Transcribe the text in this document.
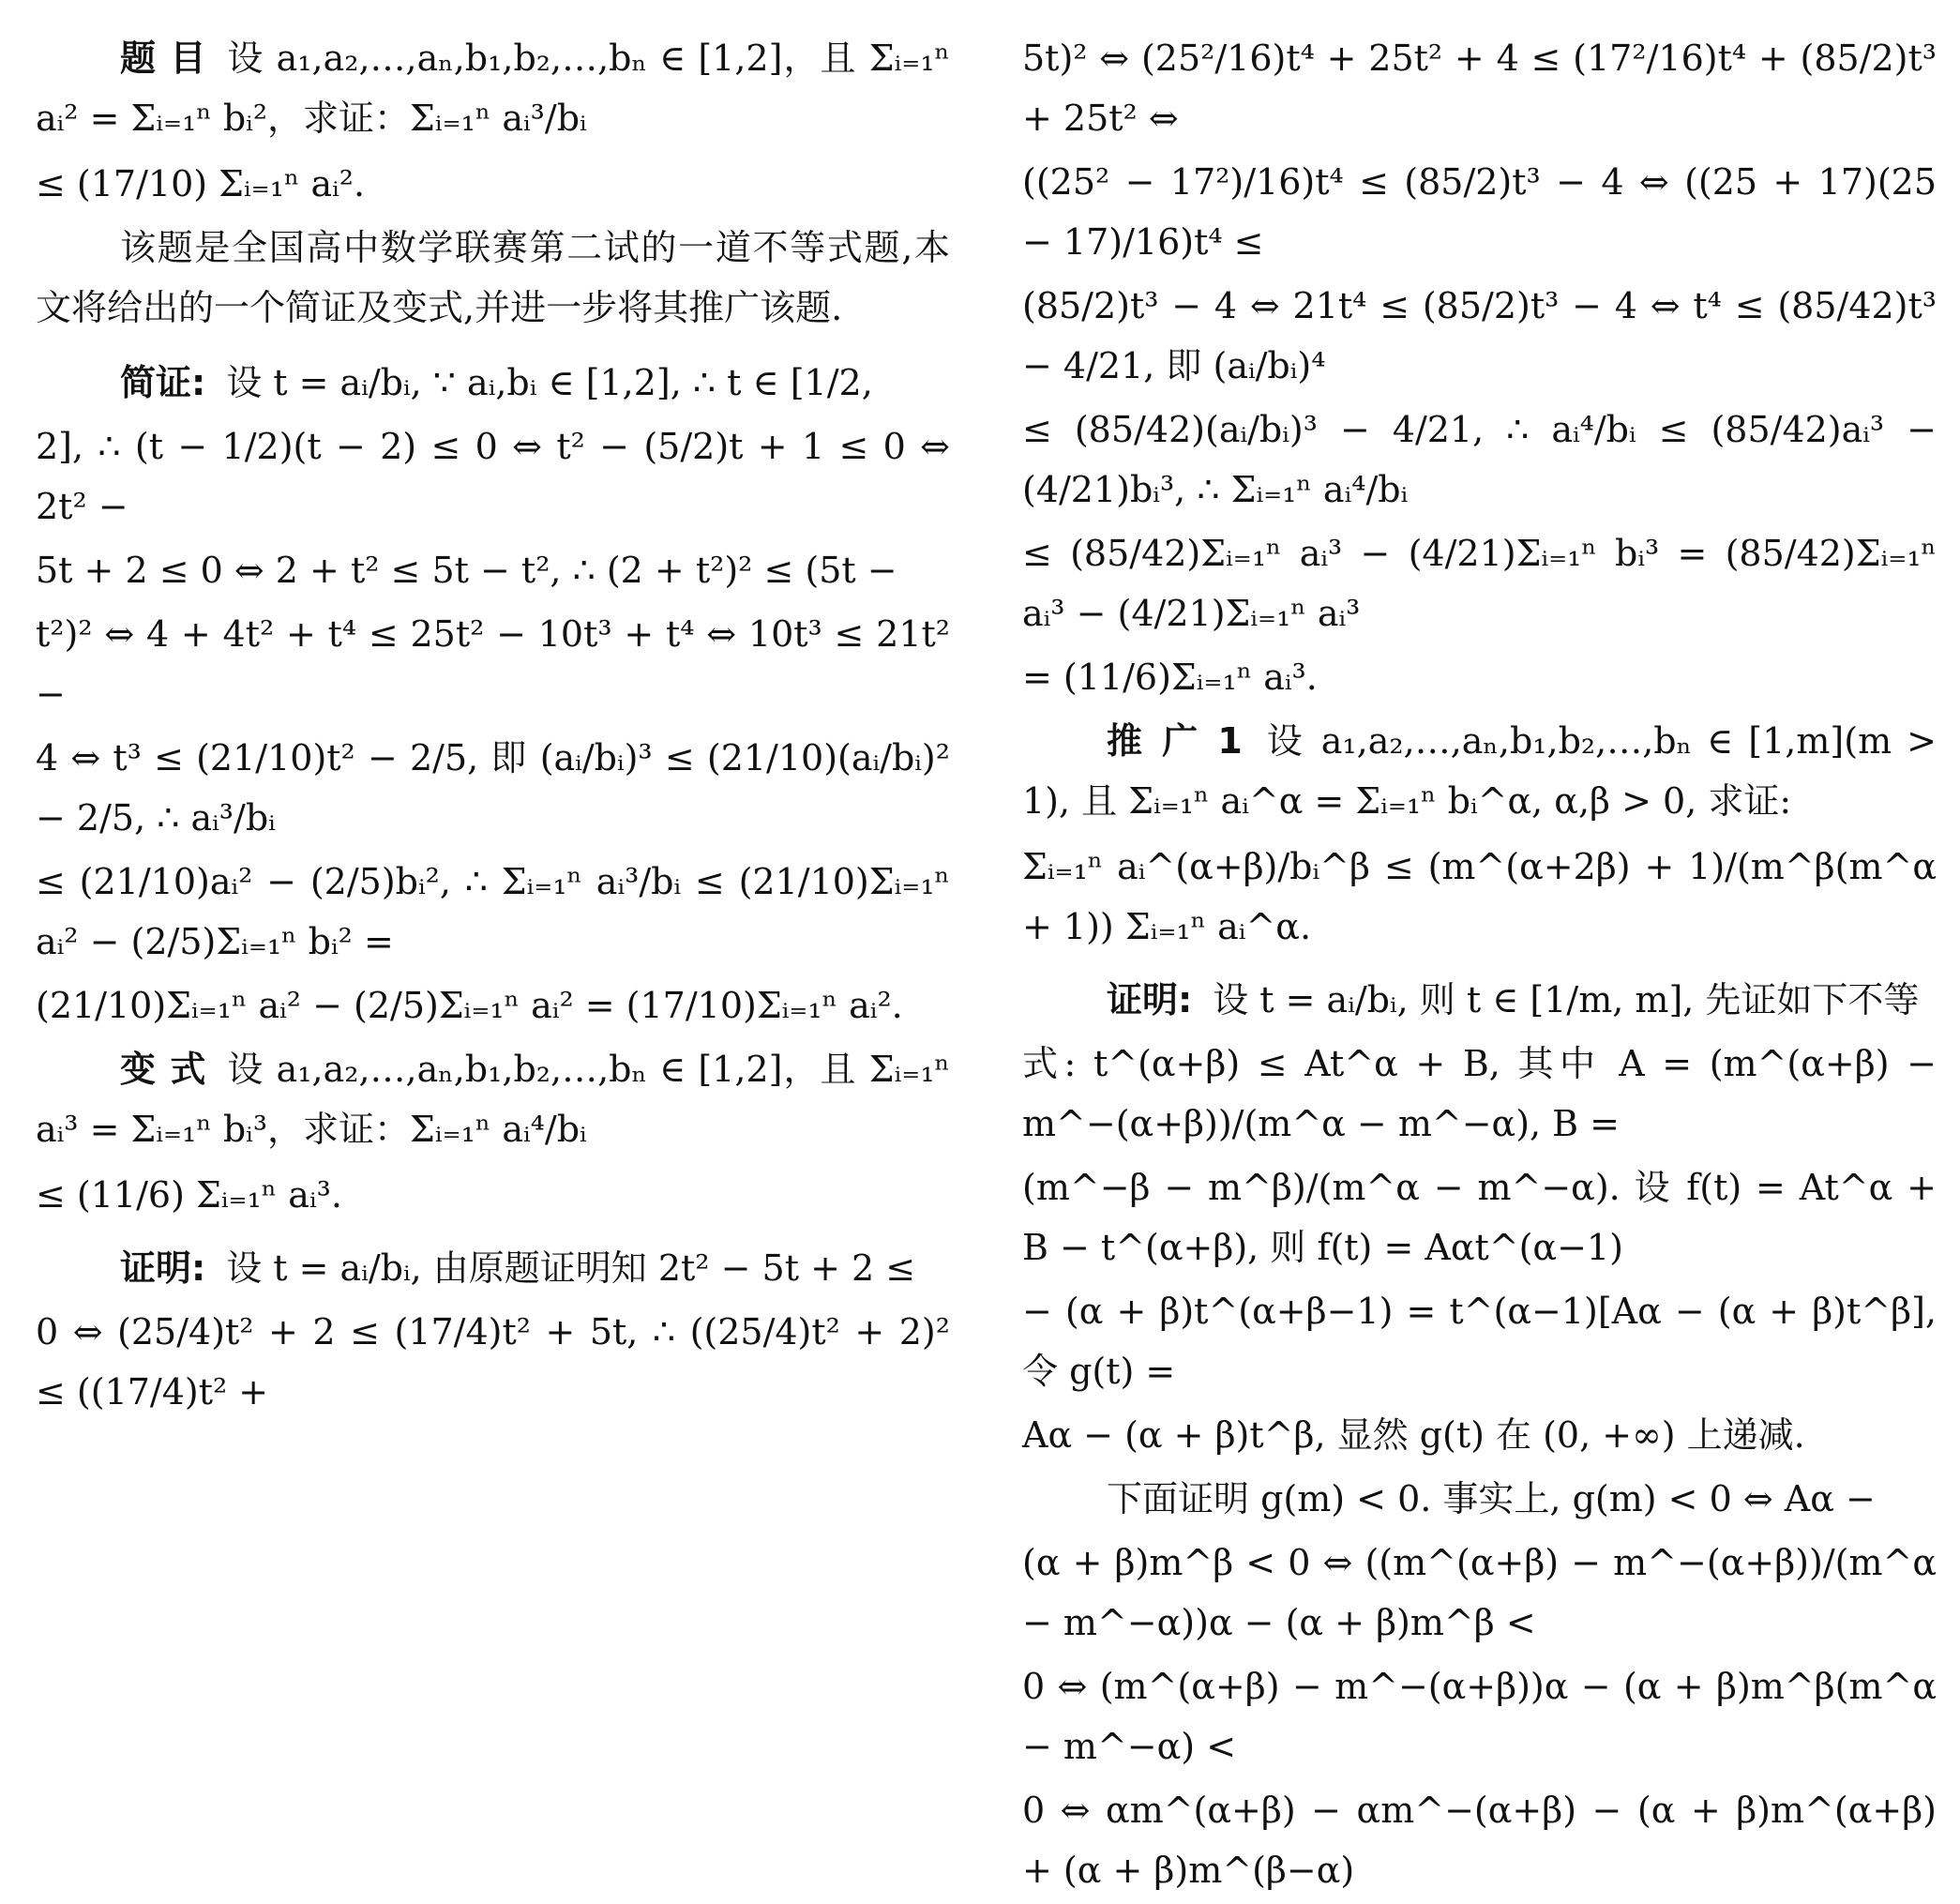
题 目 设 a₁,a₂,…,aₙ,b₁,b₂,…,bₙ ∈ [1,2]，且 Σᵢ₌₁ⁿ aᵢ² = Σᵢ₌₁ⁿ bᵢ²，求证：Σᵢ₌₁ⁿ aᵢ³/bᵢ

≤ (17/10) Σᵢ₌₁ⁿ aᵢ².

该题是全国高中数学联赛第二试的一道不等式题,本文将给出的一个简证及变式,并进一步将其推广该题.

简证: 设 t = aᵢ/bᵢ, ∵ aᵢ,bᵢ ∈ [1,2], ∴ t ∈ [1/2,

2], ∴ (t − 1/2)(t − 2) ≤ 0 ⇔ t² − (5/2)t + 1 ≤ 0 ⇔ 2t² −

5t + 2 ≤ 0 ⇔ 2 + t² ≤ 5t − t², ∴ (2 + t²)² ≤ (5t −

t²)² ⇔ 4 + 4t² + t⁴ ≤ 25t² − 10t³ + t⁴ ⇔ 10t³ ≤ 21t² −

4 ⇔ t³ ≤ (21/10)t² − 2/5, 即 (aᵢ/bᵢ)³ ≤ (21/10)(aᵢ/bᵢ)² − 2/5, ∴ aᵢ³/bᵢ

≤ (21/10)aᵢ² − (2/5)bᵢ², ∴ Σᵢ₌₁ⁿ aᵢ³/bᵢ ≤ (21/10)Σᵢ₌₁ⁿ aᵢ² − (2/5)Σᵢ₌₁ⁿ bᵢ² =

(21/10)Σᵢ₌₁ⁿ aᵢ² − (2/5)Σᵢ₌₁ⁿ aᵢ² = (17/10)Σᵢ₌₁ⁿ aᵢ².

变 式 设 a₁,a₂,…,aₙ,b₁,b₂,…,bₙ ∈ [1,2]，且 Σᵢ₌₁ⁿ aᵢ³ = Σᵢ₌₁ⁿ bᵢ³，求证：Σᵢ₌₁ⁿ aᵢ⁴/bᵢ

≤ (11/6) Σᵢ₌₁ⁿ aᵢ³.

证明: 设 t = aᵢ/bᵢ, 由原题证明知 2t² − 5t + 2 ≤

0 ⇔ (25/4)t² + 2 ≤ (17/4)t² + 5t, ∴ ((25/4)t² + 2)² ≤ ((17/4)t² +

5t)² ⇔ (25²/16)t⁴ + 25t² + 4 ≤ (17²/16)t⁴ + (85/2)t³ + 25t² ⇔

((25² − 17²)/16)t⁴ ≤ (85/2)t³ − 4 ⇔ ((25 + 17)(25 − 17)/16)t⁴ ≤

(85/2)t³ − 4 ⇔ 21t⁴ ≤ (85/2)t³ − 4 ⇔ t⁴ ≤ (85/42)t³ − 4/21, 即 (aᵢ/bᵢ)⁴

≤ (85/42)(aᵢ/bᵢ)³ − 4/21, ∴ aᵢ⁴/bᵢ ≤ (85/42)aᵢ³ − (4/21)bᵢ³, ∴ Σᵢ₌₁ⁿ aᵢ⁴/bᵢ

≤ (85/42)Σᵢ₌₁ⁿ aᵢ³ − (4/21)Σᵢ₌₁ⁿ bᵢ³ = (85/42)Σᵢ₌₁ⁿ aᵢ³ − (4/21)Σᵢ₌₁ⁿ aᵢ³

= (11/6)Σᵢ₌₁ⁿ aᵢ³.

推 广 1 设 a₁,a₂,…,aₙ,b₁,b₂,…,bₙ ∈ [1,m](m > 1), 且 Σᵢ₌₁ⁿ aᵢ^α = Σᵢ₌₁ⁿ bᵢ^α, α,β > 0, 求证:

Σᵢ₌₁ⁿ aᵢ^(α+β)/bᵢ^β ≤ (m^(α+2β) + 1)/(m^β(m^α + 1)) Σᵢ₌₁ⁿ aᵢ^α.

证明: 设 t = aᵢ/bᵢ, 则 t ∈ [1/m, m], 先证如下不等

式: t^(α+β) ≤ At^α + B, 其中 A = (m^(α+β) − m^−(α+β))/(m^α − m^−α), B =

(m^−β − m^β)/(m^α − m^−α). 设 f(t) = At^α + B − t^(α+β), 则 f(t) = Aαt^(α−1)

− (α + β)t^(α+β−1) = t^(α−1)[Aα − (α + β)t^β], 令 g(t) =

Aα − (α + β)t^β, 显然 g(t) 在 (0, +∞) 上递减.

下面证明 g(m) < 0. 事实上, g(m) < 0 ⇔ Aα −

(α + β)m^β < 0 ⇔ ((m^(α+β) − m^−(α+β))/(m^α − m^−α))α − (α + β)m^β <

0 ⇔ (m^(α+β) − m^−(α+β))α − (α + β)m^β(m^α − m^−α) <

0 ⇔ αm^(α+β) − αm^−(α+β) − (α + β)m^(α+β) + (α + β)m^(β−α)
